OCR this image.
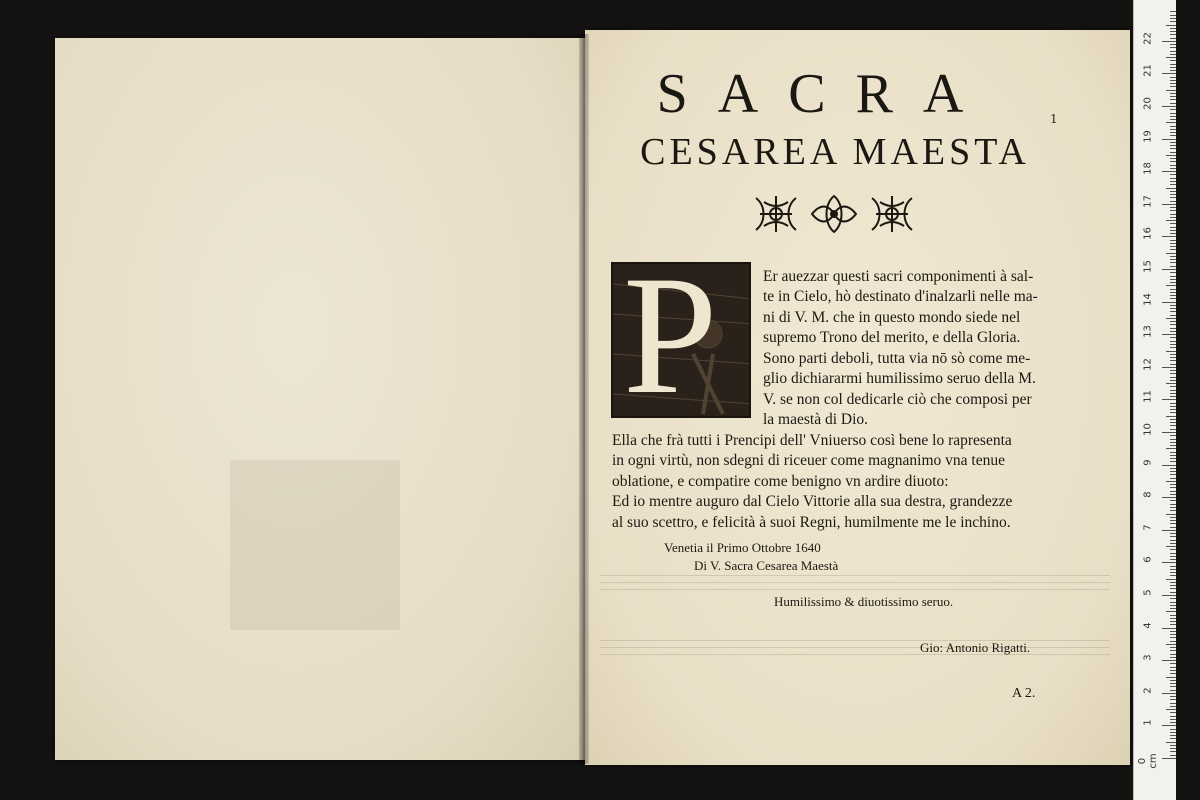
SACRA
CESAREA MAESTA
1
P	Er auezzar questi sacri componimenti à sal-
te in Cielo, hò destinato d'inalzarli nelle ma-
ni di V. M. che in questo mondo siede nel
supremo Trono del merito, e della Gloria.
Sono parti deboli, tutta via nō sò come me-
glio dichiararmi humilissimo seruo della M.
V. se non col dedicarle ciò che composi per
la maestà di Dio.
Ella che frà tutti i Prencipi dell' Vniuerso così bene lo rapresenta
in ogni virtù, non sdegni di riceuer come magnanimo vna tenue
oblatione, e compatire come benigno vn ardire diuoto:
Ed io mentre auguro dal Cielo Vittorie alla sua destra, grandezze
al suo scettro, e felicità à suoi Regni, humilmente me le inchino.
Venetia il Primo Ottobre 1640
Di V. Sacra Cesarea Maestà
Humilissimo & diuotissimo seruo.
Gio: Antonio Rigatti.
A 2.
0 cm
1
2
3
4
5
6
7
8
9
10
11
12
13
14
15
16
17
18
19
20
21
22
